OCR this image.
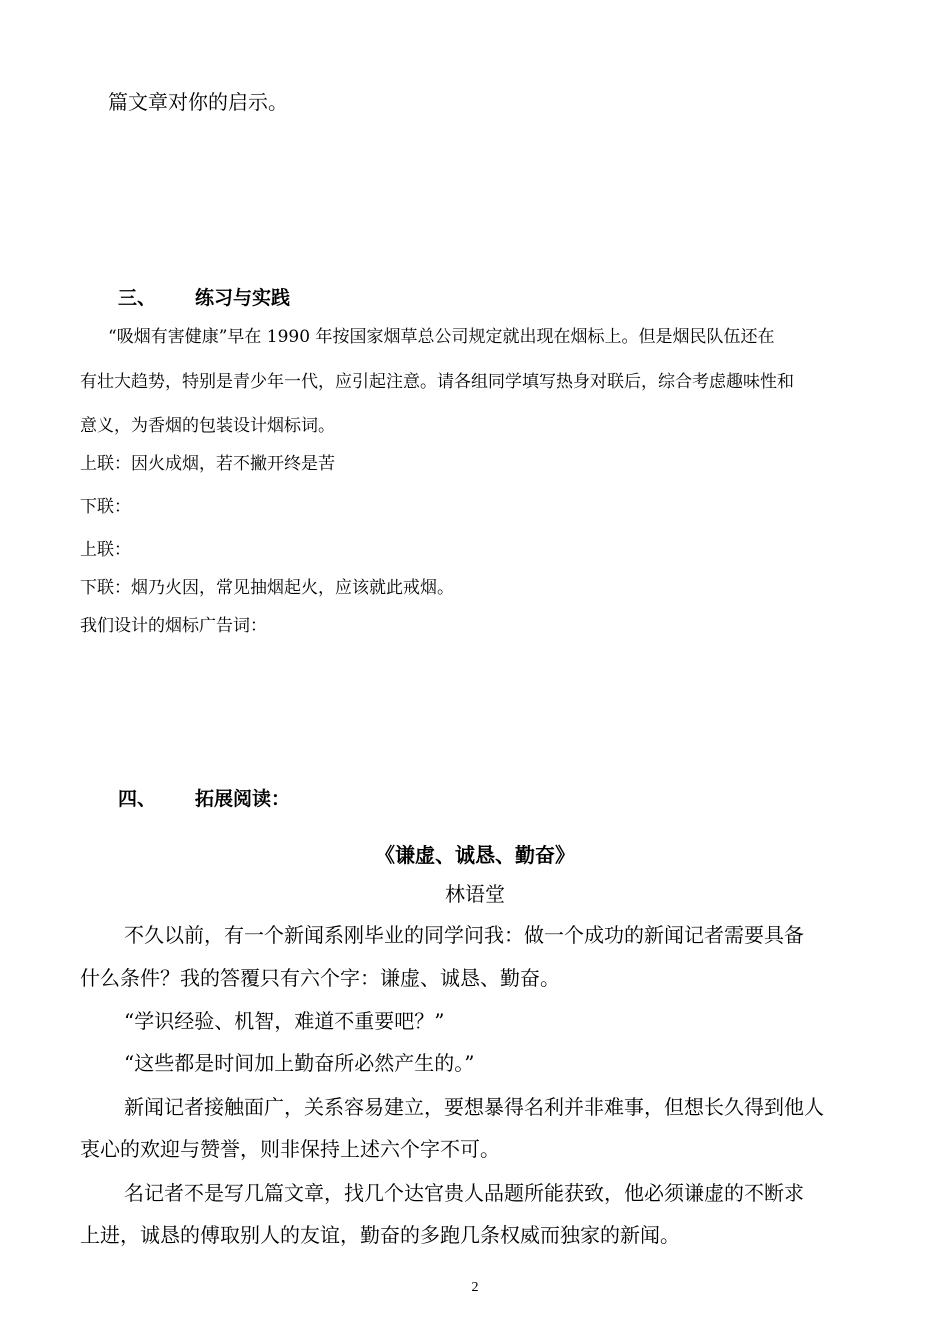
篇文章对你的启示。
三、 练习与实践
“吸烟有害健康”早在 1990 年按国家烟草总公司规定就出现在烟标上。但是烟民队伍还在
有壮大趋势，特别是青少年一代，应引起注意。请各组同学填写热身对联后，综合考虑趣味性和
意义，为香烟的包装设计烟标词。
上联：因火成烟，若不撇开终是苦
下联：
上联：
下联：烟乃火因，常见抽烟起火，应该就此戒烟。
我们设计的烟标广告词：
四、 拓展阅读：
《谦虚、诚恳、勤奋》
林语堂
不久以前，有一个新闻系刚毕业的同学问我：做一个成功的新闻记者需要具备
什么条件？我的答覆只有六个字：谦虚、诚恳、勤奋。
“学识经验、机智，难道不重要吧？”
“这些都是时间加上勤奋所必然产生的。”
新闻记者接触面广，关系容易建立，要想暴得名利并非难事，但想长久得到他人
衷心的欢迎与赞誉，则非保持上述六个字不可。
名记者不是写几篇文章，找几个达官贵人品题所能获致，他必须谦虚的不断求
上进，诚恳的傅取别人的友谊，勤奋的多跑几条权威而独家的新闻。
2
